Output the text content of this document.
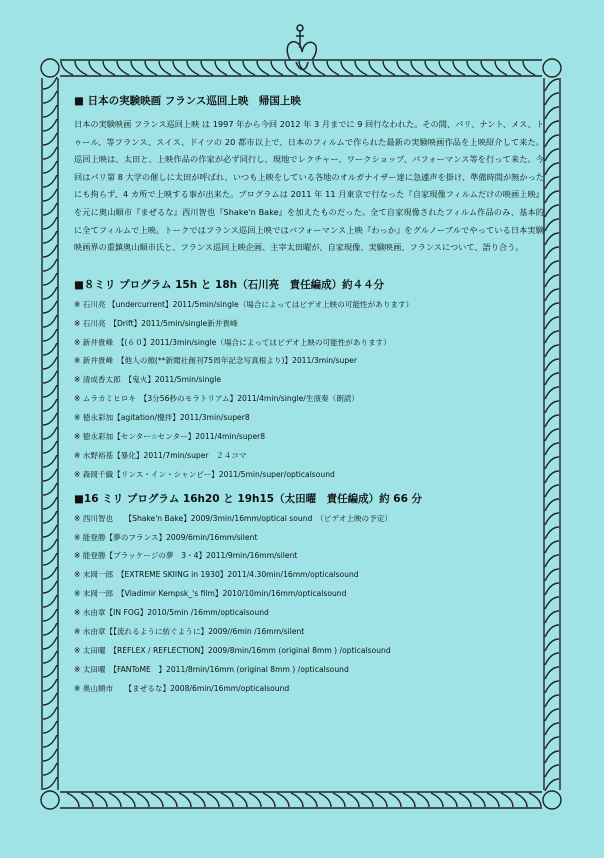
■ 日本の実験映画 フランス巡回上映　帰国上映

日本の実験映画 フランス巡回上映 は 1997 年から今回 2012 年 3 月までに 9 回行なわれた。その間、パリ、ナント、メス、トゥール、等フランス、スイス、ドイツの 20 都市以上で、日本のフィルムで作られた最新の実験映画作品を上映紹介して来た。巡回上映は、太田と、上映作品の作家が必ず同行し、現地でレクチャー、ワークショップ、パフォーマンス等を行って来た。今回はパリ第 8 大学の催しに太田が呼ばれ、いつも上映をしている各地のオルガナイザー達に急遽声を掛け、準備時間が無かったにも拘らず、4 カ所で上映する事が出来た。プログラムは 2011 年 11 月東京で行なった『自家現像フィルムだけの映画上映』を元に奥山順市『まぜるな』西川智也『Shake'n Bake』を加えたものだった。全て自家現像されたフィルム作品のみ、基本的に全てフィルムで上映。トークではフランス巡回上映ではパフォーマンス上映『わっか』をグルノーブルでやっている日本実験映画界の重鎮奥山順市氏と、フランス巡回上映企画、主宰太田曜が、自家現像、実験映画、フランスについて、語り合う。

■８ミリ プログラム 15h と 18h（石川亮　責任編成）約４４分

※ 石川亮 【undercurrent】2011/5min/single（場合によってはビデオ上映の可能性があります）
※ 石川亮　【Drift】2011/5min/single新井貴峰
※ 新井貴峰　【(６０】2011/3min/single（場合によってはビデオ上映の可能性があります）
※ 新井貴峰　【他人の顔(**新聞社創刊75周年記念写真根より)】2011/3min/super
※ 清成香太郎　【鬼火】2011/5min/single
※ ムラカミヒロキ　【3分56秒のモラトリアム】2011/4min/single/生演奏（朗読）
※ 徳永彩加【agitation/攪拌】2011/3min/super8
※ 徳永彩加【センター☆センター】2011/4min/super8
※ 水野裕基【暴化】2011/7min/super　２４コマ
※ 森岡千織【リンス・イン・シャンピー】2011/5min/super/opticalsound

■16 ミリ プログラム 16h20 と 19h15（太田曜　責任編成）約 66 分

※ 西川智也　　【Shake'n Bake】2009/3min/16mm/optical sound　（ビデオ上映の予定）
※ 能登勝【夢のフランス】2009/6min/16mm/silent
※ 能登勝【ブラッケージの夢　3・4】2011/9min/16mm/silent
※ 末岡一郎　【EXTREME SKIING in 1930】2011/4.30min/16mm/opticalsound
※ 末岡一郎　【Vladimir Kempsk_'s film】2010/10min/16mm/opticalsound
※ 水由章【IN FOG】2010/5min /16mm/opticalsound
※ 水由章【【流れるように紡ぐように】2009//6min /16mm/silent
※ 太田曜　【REFLEX / REFLECTION】2009/8min/16mm (original 8mm ) /opticalsound
※ 太田曜　【FANToME　】2011/8min/16mm (original 8mm ) /opticalsound
※ 奥山順市　　【まぜるな】2008/6min/16mm/opticalsound
